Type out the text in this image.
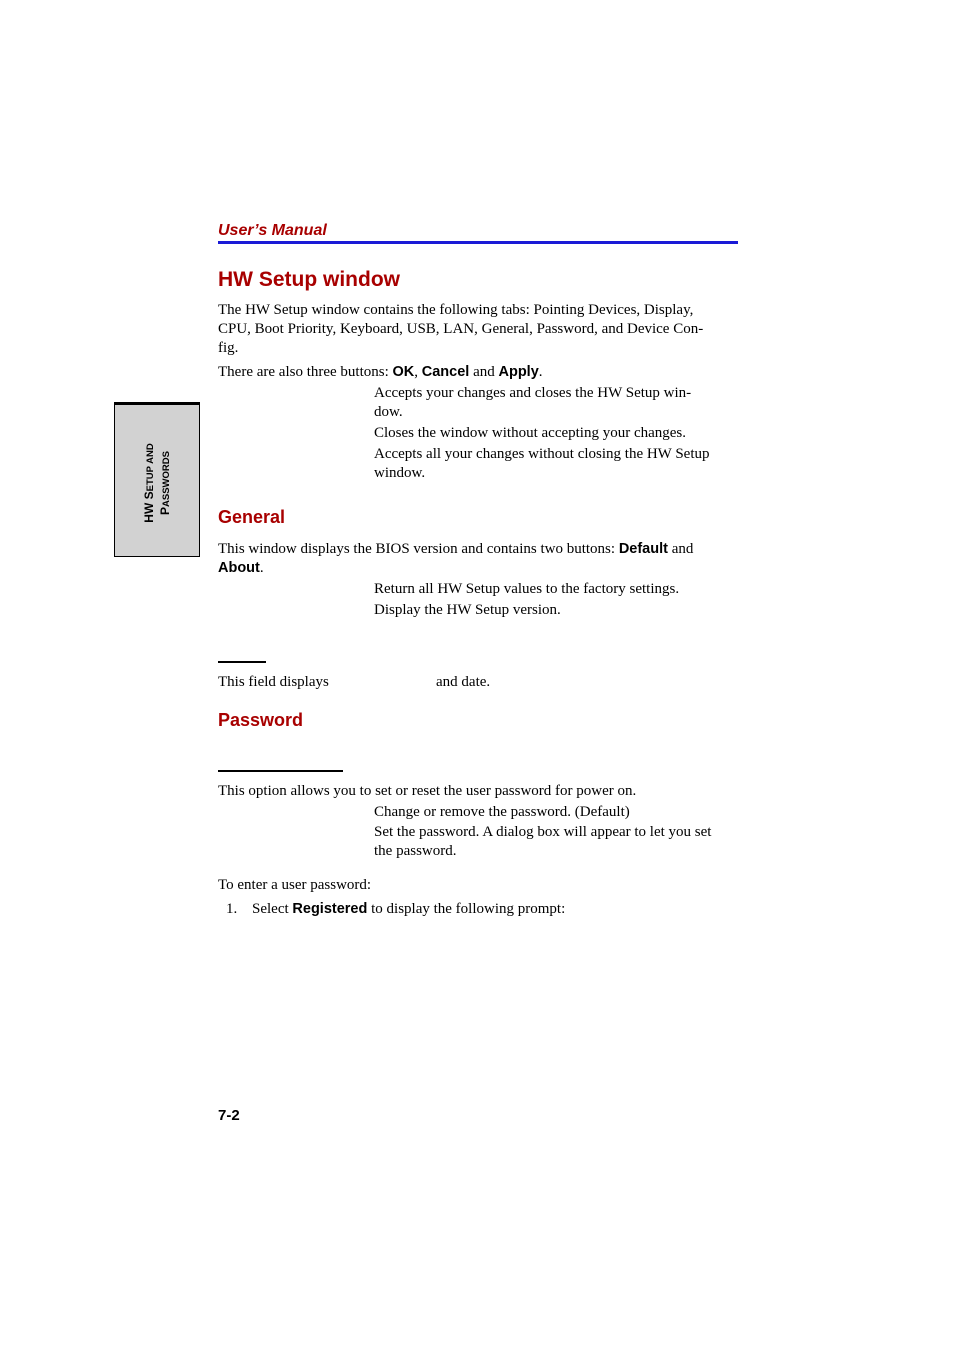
User’s Manual
HW SETUP AND
PASSWORDS
HW Setup window
The HW Setup window contains the following tabs: Pointing Devices, Display,
CPU, Boot Priority, Keyboard, USB, LAN, General, Password, and Device Con-
fig.
There are also three buttons: OK, Cancel and Apply.
Accepts your changes and closes the HW Setup win-
dow.
Closes the window without accepting your changes.
Accepts all your changes without closing the HW Setup
window.
General
This window displays the BIOS version and contains two buttons: Default and
About.
Return all HW Setup values to the factory settings.
Display the HW Setup version.
This field displays	and date.
Password
This option allows you to set or reset the user password for power on.
Change or remove the password. (Default)
Set the password. A dialog box will appear to let you set
the password.
To enter a user password:
1. Select Registered to display the following prompt:
7-2
